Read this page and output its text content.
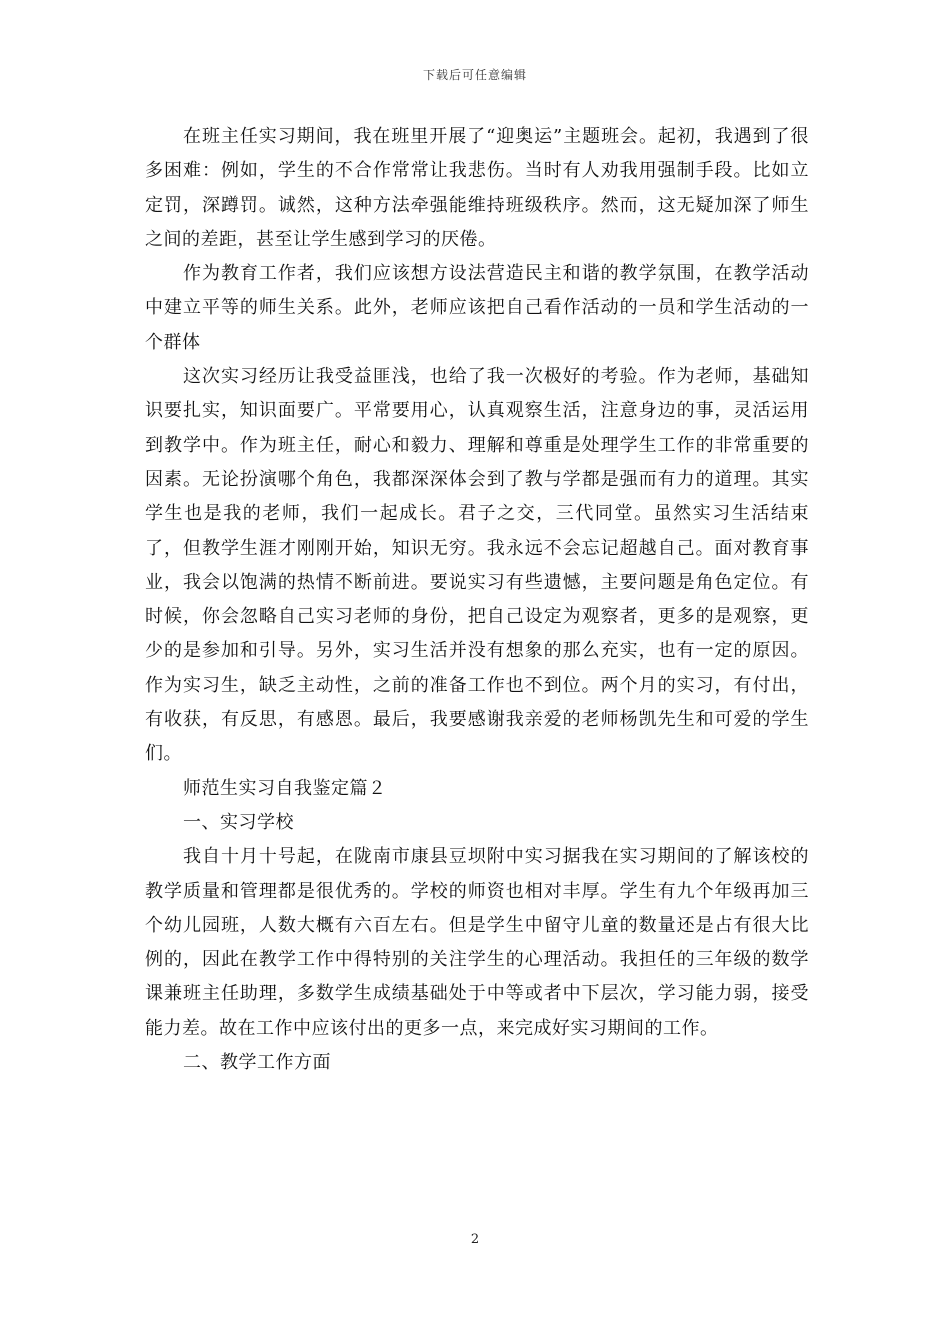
下载后可任意编辑

在班主任实习期间，我在班里开展了“迎奥运”主题班会。起初，我遇到了很多困难：例如，学生的不合作常常让我悲伤。当时有人劝我用强制手段。比如立定罚，深蹲罚。诚然，这种方法牵强能维持班级秩序。然而，这无疑加深了师生之间的差距，甚至让学生感到学习的厌倦。

作为教育工作者，我们应该想方设法营造民主和谐的教学氛围，在教学活动中建立平等的师生关系。此外，老师应该把自己看作活动的一员和学生活动的一个群体

这次实习经历让我受益匪浅，也给了我一次极好的考验。作为老师，基础知识要扎实，知识面要广。平常要用心，认真观察生活，注意身边的事，灵活运用到教学中。作为班主任，耐心和毅力、理解和尊重是处理学生工作的非常重要的因素。无论扮演哪个角色，我都深深体会到了教与学都是强而有力的道理。其实学生也是我的老师，我们一起成长。君子之交，三代同堂。虽然实习生活结束了，但教学生涯才刚刚开始，知识无穷。我永远不会忘记超越自己。面对教育事业，我会以饱满的热情不断前进。要说实习有些遗憾，主要问题是角色定位。有时候，你会忽略自己实习老师的身份，把自己设定为观察者，更多的是观察，更少的是参加和引导。另外，实习生活并没有想象的那么充实，也有一定的原因。作为实习生，缺乏主动性，之前的准备工作也不到位。两个月的实习，有付出，有收获，有反思，有感恩。最后，我要感谢我亲爱的老师杨凯先生和可爱的学生们。

师范生实习自我鉴定篇２

一、实习学校

我自十月十号起，在陇南市康县豆坝附中实习据我在实习期间的了解该校的教学质量和管理都是很优秀的。学校的师资也相对丰厚。学生有九个年级再加三个幼儿园班，人数大概有六百左右。但是学生中留守儿童的数量还是占有很大比例的，因此在教学工作中得特别的关注学生的心理活动。我担任的三年级的数学课兼班主任助理，多数学生成绩基础处于中等或者中下层次，学习能力弱，接受能力差。故在工作中应该付出的更多一点，来完成好实习期间的工作。

二、教学工作方面

2
